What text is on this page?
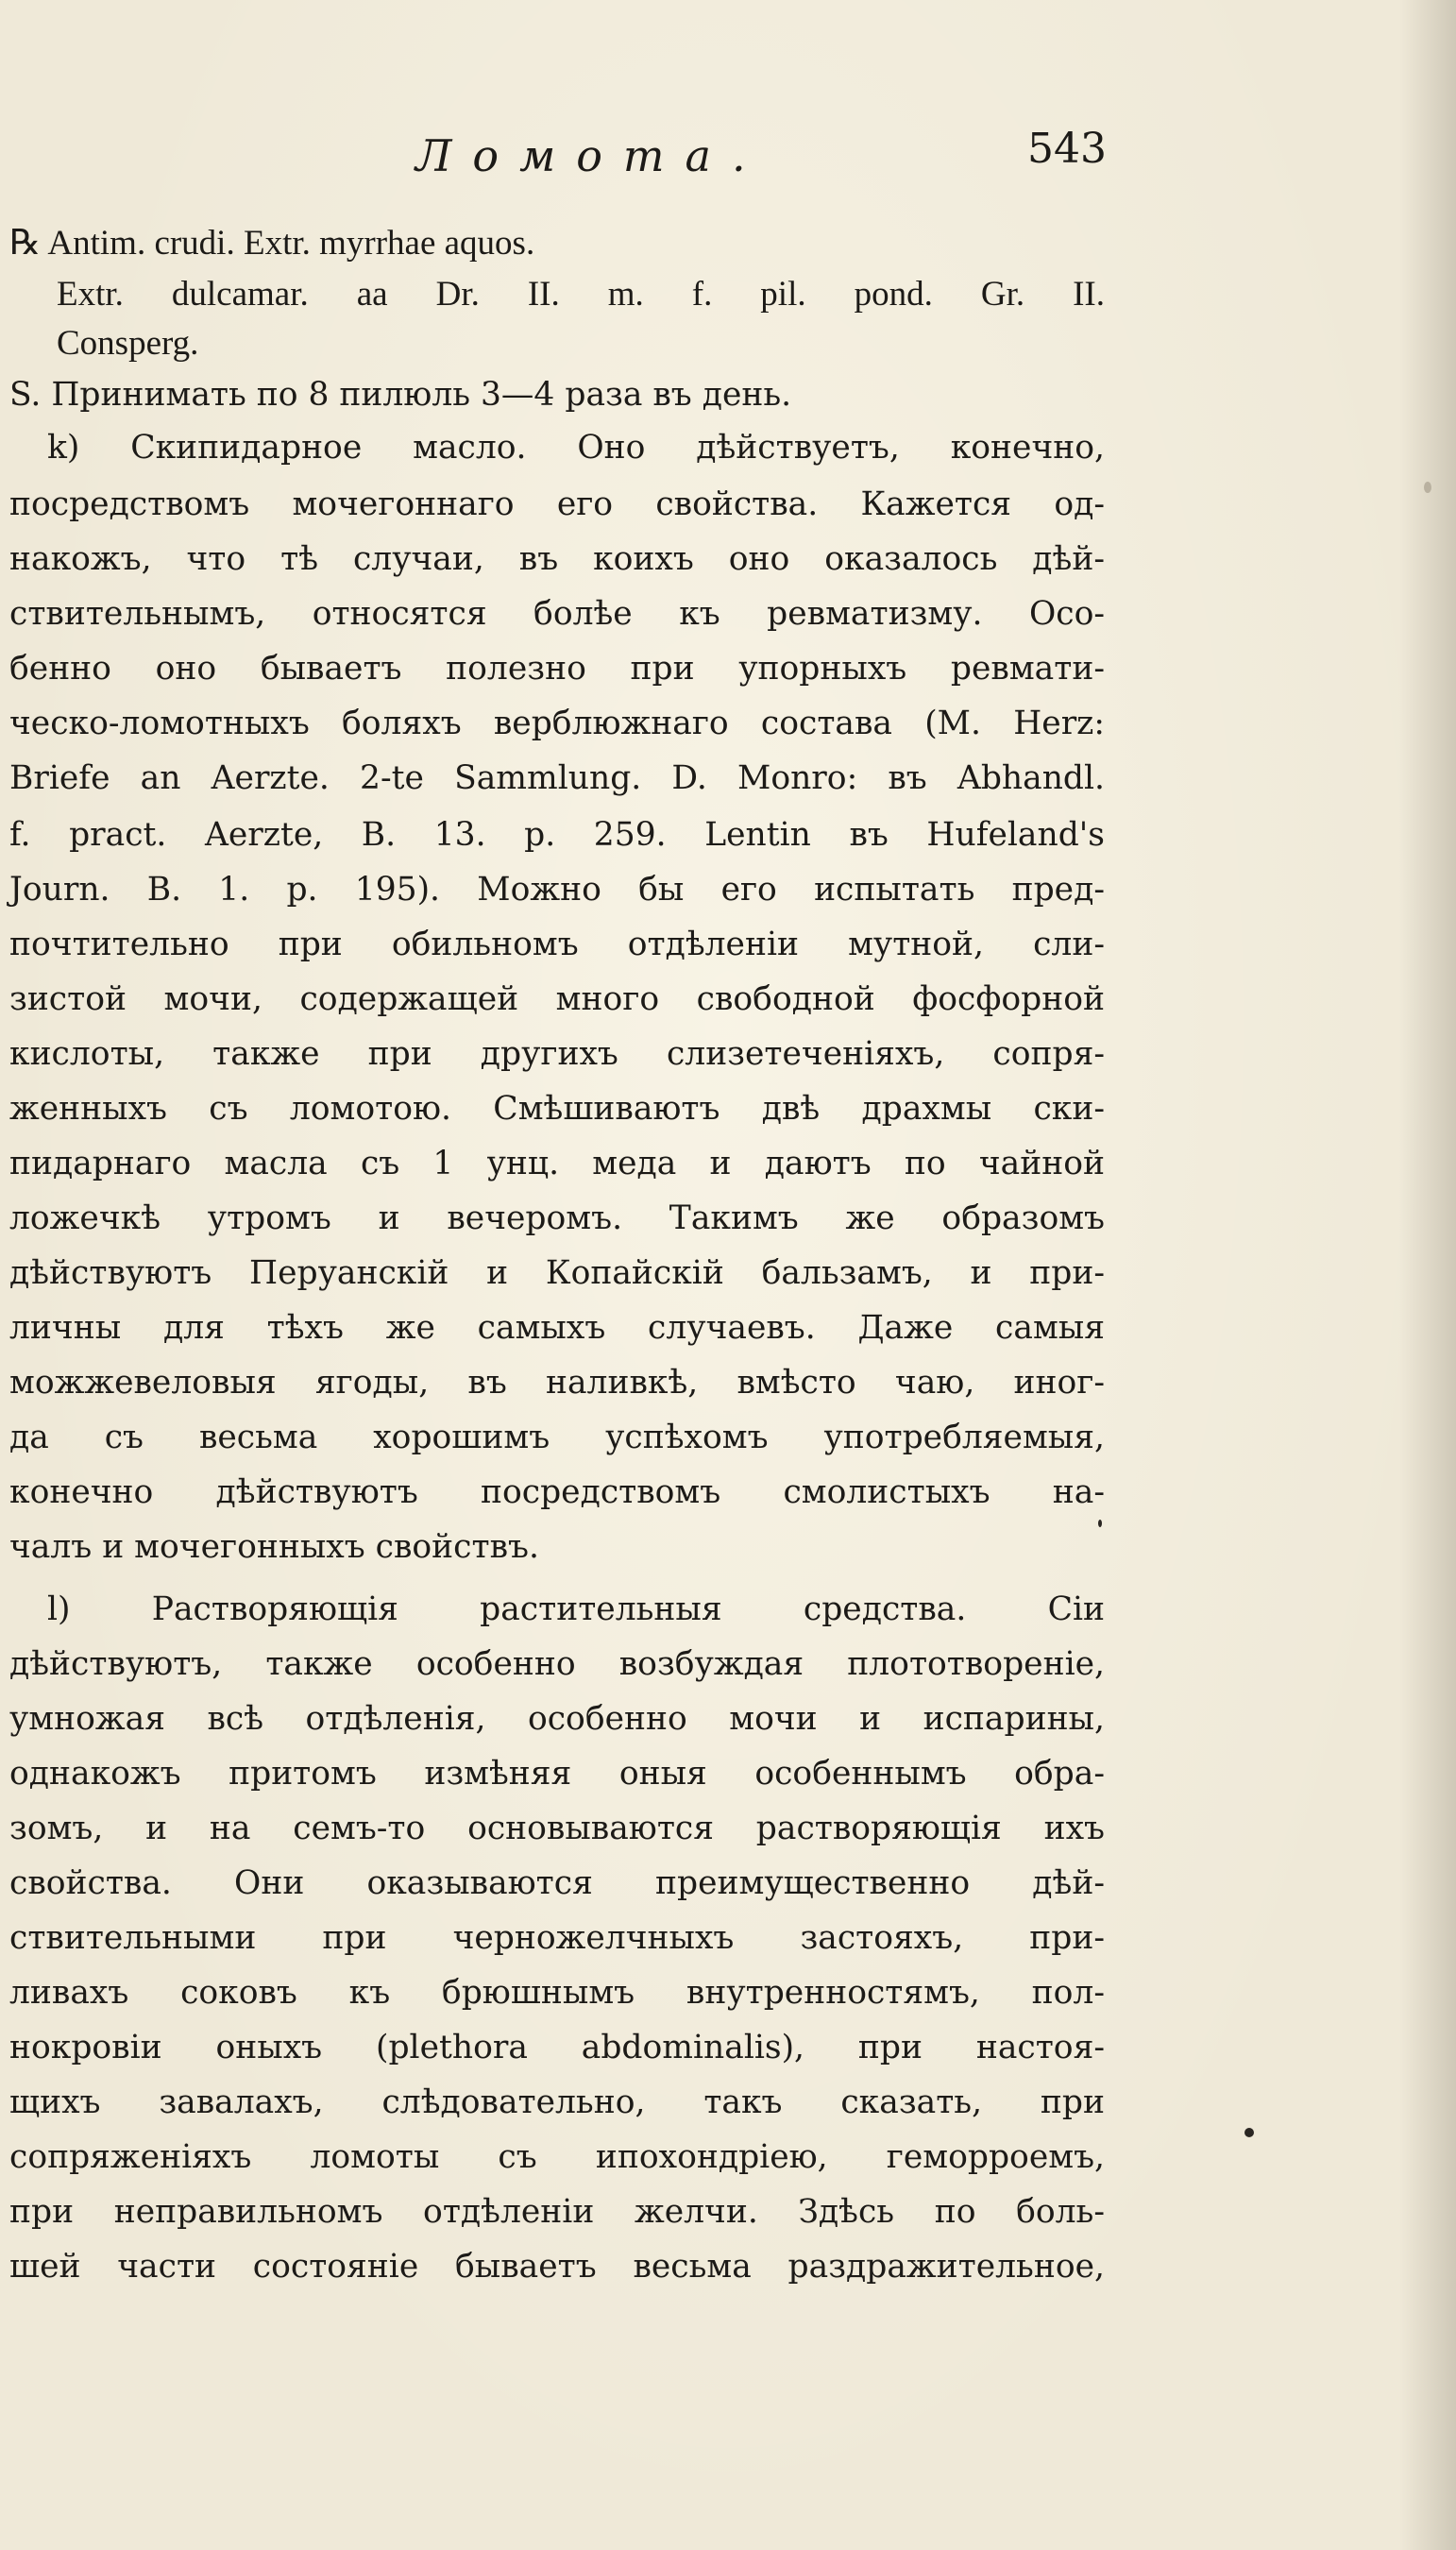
Ломота.	543
℞ Antim. crudi. Extr. myrrhae aquos.
Extr. dulcamar. aa Dr. II. m. f. pil. pond. Gr. II.
Consperg.
S. Принимать по 8 пилюль 3—4 раза въ день.
k) Скипидарное масло. Оно дѣйствуетъ, конечно,
посредствомъ мочегоннаго его свойства. Кажется од-
накожъ, что тѣ случаи, въ коихъ оно оказалось дѣй-
ствительнымъ, относятся болѣе къ ревматизму. Осо-
бенно оно бываетъ полезно при упорныхъ ревмати-
ческо-ломотныхъ боляхъ верблюжнаго состава (M. Herz:
Briefe an Aerzte. 2-te Sammlung. D. Monro: въ Abhandl.
f. pract. Aerzte, B. 13. p. 259. Lentin въ Hufeland's
Journ. B. 1. p. 195). Можно бы его испытать пред-
почтительно при обильномъ отдѣленіи мутной, сли-
зистой мочи, содержащей много свободной фосфорной
кислоты, также при другихъ слизетеченіяхъ, сопря-
женныхъ съ ломотою. Смѣшиваютъ двѣ драхмы ски-
пидарнаго масла съ 1 унц. меда и даютъ по чайной
ложечкѣ утромъ и вечеромъ. Такимъ же образомъ
дѣйствуютъ Перуанскій и Копайскій бальзамъ, и при-
личны для тѣхъ же самыхъ случаевъ. Даже самыя
можжевеловыя ягоды, въ наливкѣ, вмѣсто чаю, иног-
да съ весьма хорошимъ успѣхомъ употребляемыя,
конечно дѣйствуютъ посредствомъ смолистыхъ на-
чалъ и мочегонныхъ свойствъ.
l) Растворяющія растительныя средства. Сіи
дѣйствуютъ, также особенно возбуждая плототвореніе,
умножая всѣ отдѣленія, особенно мочи и испарины,
однакожъ притомъ измѣняя оныя особеннымъ обра-
зомъ, и на семъ-то основываются растворяющія ихъ
свойства. Они оказываются преимущественно дѣй-
ствительными при черножелчныхъ застояхъ, при-
ливахъ соковъ къ брюшнымъ внутренностямъ, пол-
нокровіи оныхъ (plethora abdominalis), при настоя-
щихъ завалахъ, слѣдовательно, такъ сказать, при
сопряженіяхъ ломоты съ ипохондріею, геморроемъ,
при неправильномъ отдѣленіи желчи. Здѣсь по боль-
шей части состояніе бываетъ весьма раздражительное,
